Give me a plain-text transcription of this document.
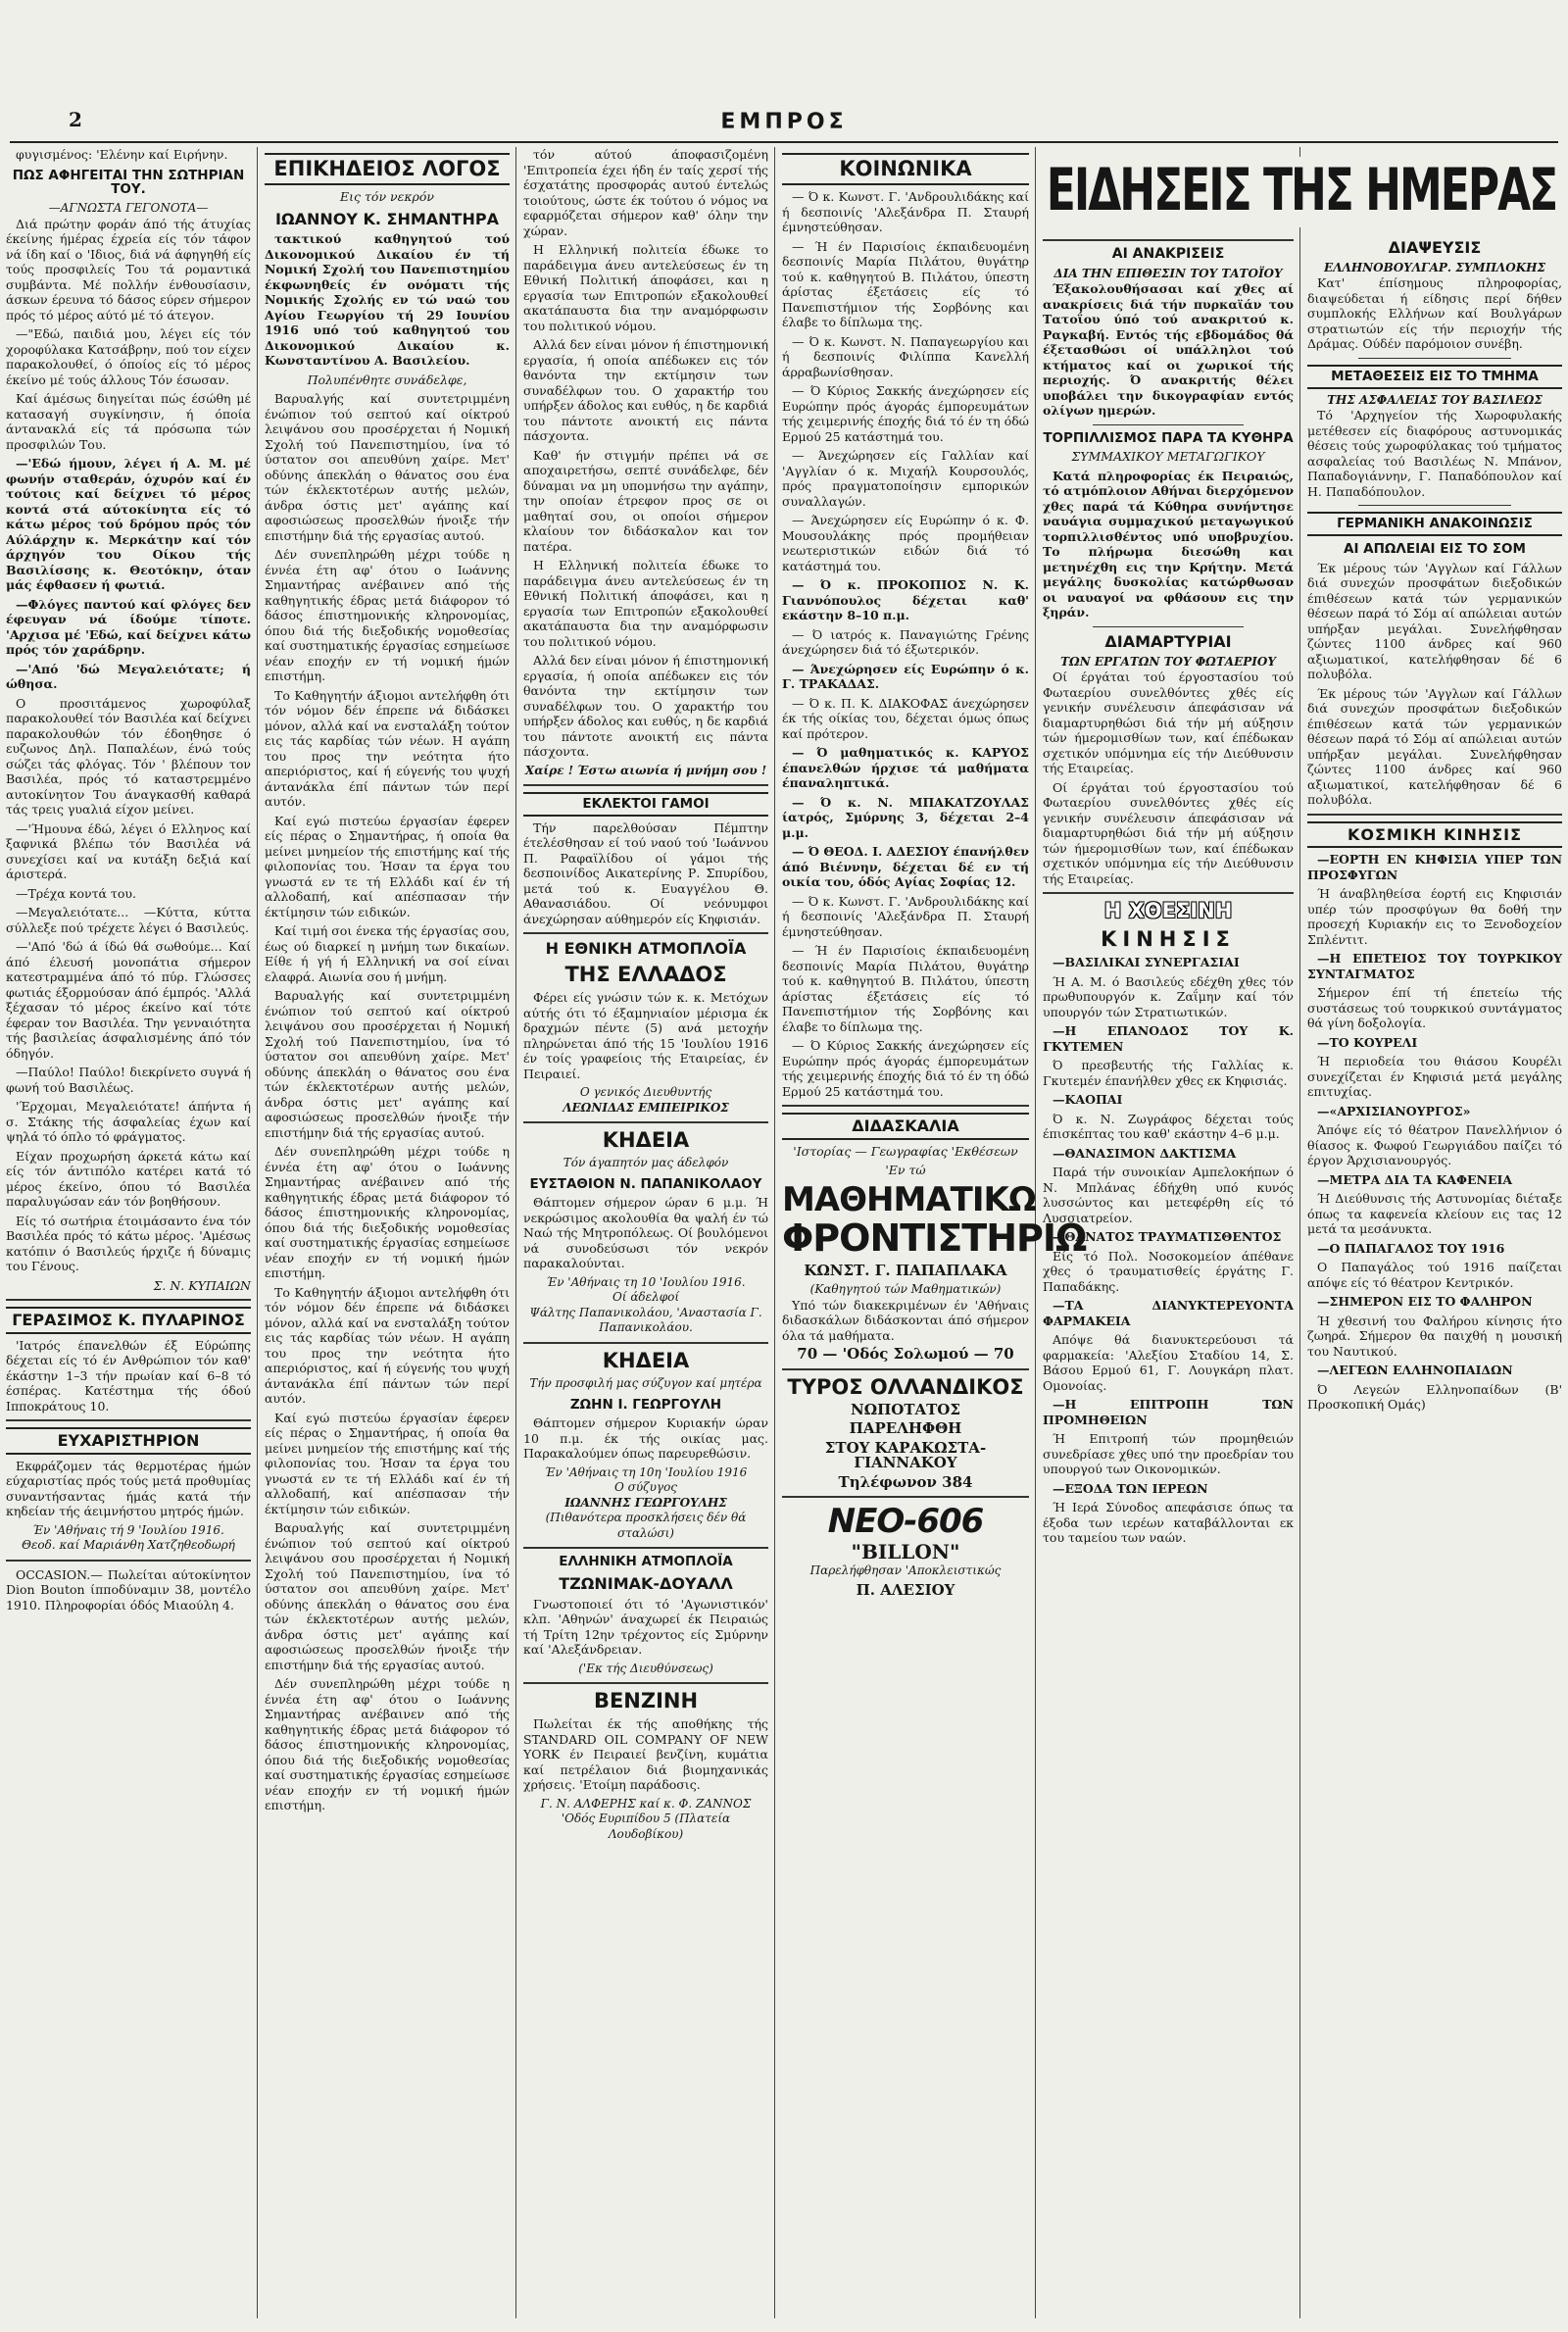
2	ΕΜΠΡΟΣ

φυγισμένος: 'Ελένην καί Ειρήνην.

ΠΩΣ ΑΦΗΓΕΙΤΑΙ ΤΗΝ ΣΩΤΗΡΙΑΝ ΤΟΥ.
—ΑΓΝΩΣΤΑ ΓΕΓΟΝΟΤΑ—

Διά πρώτην φοράν άπό τής άτυχίας έκείνης ήμέρας έχρεία είς τόν τάφον νά ίδη καί ο 'Ιδιος, διά νά άφηγηθή είς τούς προσφιλείς Του τά ρομαντικά συμβάντα. Μέ πολλήν ένθουσίασιν, άσκων έρευνα τό δάσος εύρεν σήμερον πρός τό μέρος αύτό μέ τό άτεγον.

—"Εδώ, παιδιά μου, λέγει είς τόν χοροφύλακα Κατσάβρην, πού τον είχεν παρακολουθεί, ό όποίος είς τό μέρος έκείνο μέ τούς άλλους Τόν έσωσαν.

Καί άμέσως διηγείται πώς έσώθη μέ κατασαγή συγκίνησιν, ή όποία άντανακλά είς τά πρόσωπα τών προσφιλών Του.

—'Εδώ ήμουν, λέγει ή Α. Μ. μέ φωνήν σταθεράν, όχυρόν καί έν τούτοις καί δείχνει τό μέρος κοντά στά αύτοκίνητα είς τό κάτω μέρος τού δρόμου πρός τόν Αύλάρχην κ. Μερκάτην καί τόν άρχηγόν του Οίκου τής Βασιλίσσης κ. Θεοτόκην, όταν μάς έφθασεν ή φωτιά.

—Φλόγες παντού καί φλόγες δεν έφευγαν νά ίδούμε τίποτε. 'Αρχισα μέ 'Εδώ, καί δείχνει κάτω πρός τόν χαράδρην.

—'Από 'δώ Μεγαλειότατε; ή ώθησα.

Ο προσιτάμενος χωροφύλαξ παρακολουθεί τόν Βασιλέα καί δείχνει παρακολουθών τόν έδοηθησε ό ευζωνος Δηλ. Παπαλέων, ένώ τούς σώζει τάς φλόγας. Τόν ' βλέπουν τον Βασιλέα, πρός τό καταστρεμμένο αυτοκίνητον Του άναγκασθή καθαρά τάς τρεις γυαλιά είχον μείνει.

—'Ήμουνα έδώ, λέγει ό Ελληνος καί ξαφνικά βλέπω τόν Βασιλέα νά συνεχίσει καί να κυτάξη δεξιά καί άριστερά.

—Τρέχα κοντά του.

—Μεγαλειότατε... —Κύττα, κύττα σύλλεξε πού τρέχετε λέγει ό Βασιλεύς.

—'Από 'δώ ά ίδώ θά σωθούμε... Καί άπό έλευσή μονοπάτια σήμερον κατεστραμμένα άπό τό πύρ. Γλώσσες φωτιάς έξορμούσαν άπό έμπρός. 'Αλλά ξέχασαν τό μέρος έκείνο καί τότε έφεραν τον Βασιλέα. Την γενναιότητα τής βασιλείας άσφαλισμένης άπό τόν όδηγόν.

—Παύλο! Παύλο! διεκρίνετο συγνά ή φωνή τού Βασιλέως.

'Έρχομαι, Μεγαλειότατε! άπήντα ή σ. Στάκης τής άσφαλείας έχων καί ψηλά τό όπλο τό φράγματος.

Είχαν προχωρήση άρκετά κάτω καί είς τόν άντιπόλο κατέρει κατά τό μέρος έκείνο, όπου τό Βασιλέα παραλυγώσαν εάν τόν βοηθήσουν.

Είς τό σωτήρια έτοιμάσαντο ένα τόν Βασιλέα πρός τό κάτω μέρος. 'Αμέσως κατόπιν ό Βασιλεύς ήρχιζε ή δύναμις του Γένους.

Σ. Ν. ΚΥΠΑΙΩΝ
ΓΕΡΑΣΙΜΟΣ Κ. ΠΥΛΑΡΙΝΟΣ

'Ιατρός έπανελθών έξ Εύρώπης δέχεται είς τό έν Ανθρώπιον τόν καθ' έκάστην 1–3 τήν πρωίαν καί 6–8 τό έσπέρας. Κατέστημα τής όδού Ιπποκράτους 10.

ΕΥΧΑΡΙΣΤΗΡΙΟΝ

Εκφράζομεν τάς θερμοτέρας ήμών εύχαριστίας πρός τούς μετά προθυμίας συναντήσαντας ήμάς κατά τήν κηδείαν τής άειμνήστου μητρός ήμών.

Έν 'Αθήναις τή 9 'Ιουλίου 1916.
Θεοδ. καί Μαριάνθη Χατζηθεοδωρή

OCCASION.— Πωλείται αύτοκίνητον Dion Bouton ίπποδύναμιν 38, μοντέλο 1910. Πληροφορίαι όδός Μιαούλη 4.

ΕΠΙΚΗΔΕΙΟΣ ΛΟΓΟΣ
Εις τόν νεκρόν
ΙΩΑΝΝΟΥ Κ. ΣΗΜΑΝΤΗΡΑ

τακτικού καθηγητού τού Δικονομικού Δικαίου έν τή Νομική Σχολή του Πανεπιστημίου έκφωνηθείς έν ονόματι τής Νομικής Σχολής εν τώ ναώ του Αγίου Γεωργίου τή 29 Ιουνίου 1916 υπό τού καθηγητού του Δικονομικού Δικαίου κ. Κωνσταντίνου Α. Βασιλείου.

Πολυπένθητε συνάδελφε,

Βαρυαλγής καί συντετριμμένη ένώπιον τού σεπτού καί οίκτρού λειψάνου σου προσέρχεται ή Νομική Σχολή τού Πανεπιστημίου, ίνα τό ύστατον σοι απευθύνη χαίρε. Μετ' οδύνης άπεκλάη ο θάνατος σου ένα τών έκλεκτοτέρων αυτής μελών, άνδρα όστις μετ' αγάπης καί αφοσιώσεως προσελθών ήνοιξε τήν επιστήμην διά τής εργασίας αυτού.

Δέν συνεπληρώθη μέχρι τούδε η έννέα έτη αφ' ότου ο Ιωάννης Σημαντήρας ανέβαινεν από τής καθηγητικής έδρας μετά διάφορον τό δάσος έπιστημονικής κληρονομίας, όπου διά τής διεξοδικής νομοθεσίας καί συστηματικής έργασίας εσημείωσε νέαν εποχήν εν τή νομική ήμών επιστήμη.

Το Καθηγητήν άξιομοι αντελήφθη ότι τόν νόμον δέν έπρεπε νά διδάσκει μόνον, αλλά καί να ενσταλάξη τούτον εις τάς καρδίας τών νέων. Η αγάπη του προς την νεότητα ήτο απεριόριστος, καί ή εύγενής του ψυχή άντανάκλα έπί πάντων τών περί αυτόν.

Καί εγώ πιστεύω έργασίαν έφερεν είς πέρας ο Σημαντήρας, ή οποία θα μείνει μνημείον τής επιστήμης καί τής φιλοπονίας του. Ήσαν τα έργα του γνωστά εν τε τή Ελλάδι καί έν τή αλλοδαπή, καί απέσπασαν τήν έκτίμησιν τών ειδικών.

Καί τιμή σοι ένεκα τής έργασίας σου, έως ού διαρκεί η μνήμη των δικαίων. Είθε ή γή ή Ελληνική να σοί είναι ελαφρά. Αιωνία σου ή μνήμη.

Βαρυαλγής καί συντετριμμένη ένώπιον τού σεπτού καί οίκτρού λειψάνου σου προσέρχεται ή Νομική Σχολή τού Πανεπιστημίου, ίνα τό ύστατον σοι απευθύνη χαίρε. Μετ' οδύνης άπεκλάη ο θάνατος σου ένα τών έκλεκτοτέρων αυτής μελών, άνδρα όστις μετ' αγάπης καί αφοσιώσεως προσελθών ήνοιξε τήν επιστήμην διά τής εργασίας αυτού.

Δέν συνεπληρώθη μέχρι τούδε η έννέα έτη αφ' ότου ο Ιωάννης Σημαντήρας ανέβαινεν από τής καθηγητικής έδρας μετά διάφορον τό δάσος έπιστημονικής κληρονομίας, όπου διά τής διεξοδικής νομοθεσίας καί συστηματικής έργασίας εσημείωσε νέαν εποχήν εν τή νομική ήμών επιστήμη.

Το Καθηγητήν άξιομοι αντελήφθη ότι τόν νόμον δέν έπρεπε νά διδάσκει μόνον, αλλά καί να ενσταλάξη τούτον εις τάς καρδίας τών νέων. Η αγάπη του προς την νεότητα ήτο απεριόριστος, καί ή εύγενής του ψυχή άντανάκλα έπί πάντων τών περί αυτόν.

Καί εγώ πιστεύω έργασίαν έφερεν είς πέρας ο Σημαντήρας, ή οποία θα μείνει μνημείον τής επιστήμης καί τής φιλοπονίας του. Ήσαν τα έργα του γνωστά εν τε τή Ελλάδι καί έν τή αλλοδαπή, καί απέσπασαν τήν έκτίμησιν τών ειδικών.

Βαρυαλγής καί συντετριμμένη ένώπιον τού σεπτού καί οίκτρού λειψάνου σου προσέρχεται ή Νομική Σχολή τού Πανεπιστημίου, ίνα τό ύστατον σοι απευθύνη χαίρε. Μετ' οδύνης άπεκλάη ο θάνατος σου ένα τών έκλεκτοτέρων αυτής μελών, άνδρα όστις μετ' αγάπης καί αφοσιώσεως προσελθών ήνοιξε τήν επιστήμην διά τής εργασίας αυτού.

Δέν συνεπληρώθη μέχρι τούδε η έννέα έτη αφ' ότου ο Ιωάννης Σημαντήρας ανέβαινεν από τής καθηγητικής έδρας μετά διάφορον τό δάσος έπιστημονικής κληρονομίας, όπου διά τής διεξοδικής νομοθεσίας καί συστηματικής έργασίας εσημείωσε νέαν εποχήν εν τή νομική ήμών επιστήμη.

τόν αύτού άποφασιζομένη 'Επιτροπεία έχει ήδη έν ταίς χερσί τής έσχατάτης προσφοράς αυτού έντελώς τοιούτους, ώστε έκ τούτου ό νόμος να εφαρμόζεται σήμερον καθ' όλην την χώραν.

Η Ελληνική πολιτεία έδωκε το παράδειγμα άνευ αντελεύσεως έν τη Εθνική Πολιτική άποφάσει, και η εργασία των Επιτροπών εξακολουθεί ακατάπαυστα δια την αναμόρφωσιν του πολιτικού νόμου.

Αλλά δεν είναι μόνον ή έπιστημονική εργασία, ή οποία απέδωκεν εις τόν θανόντα την εκτίμησιν των συναδέλφων του. Ο χαρακτήρ του υπήρξεν άδολος και ευθύς, η δε καρδιά του πάντοτε ανοικτή εις πάντα πάσχοντα.

Καθ' ήν στιγμήν πρέπει νά σε αποχαιρετήσω, σεπτέ συνάδελφε, δέν δύναμαι να μη υπομνήσω την αγάπην, την οποίαν έτρεφον προς σε οι μαθηταί σου, οι οποίοι σήμερον κλαίουν τον διδάσκαλον και τον πατέρα.

Η Ελληνική πολιτεία έδωκε το παράδειγμα άνευ αντελεύσεως έν τη Εθνική Πολιτική άποφάσει, και η εργασία των Επιτροπών εξακολουθεί ακατάπαυστα δια την αναμόρφωσιν του πολιτικού νόμου.

Αλλά δεν είναι μόνον ή έπιστημονική εργασία, ή οποία απέδωκεν εις τόν θανόντα την εκτίμησιν των συναδέλφων του. Ο χαρακτήρ του υπήρξεν άδολος και ευθύς, η δε καρδιά του πάντοτε ανοικτή εις πάντα πάσχοντα.

Χαίρε ! Έστω αιωνία ή μνήμη σου !
ΕΚΛΕΚΤΟΙ ΓΑΜΟΙ

Τήν παρελθούσαν Πέμπτην έτελέσθησαν εί τού ναού τού 'Ιωάννου Π. Ραφαϊλίδου οί γάμοι τής δεσποινίδος Αικατερίνης Ρ. Σπυρίδου, μετά τού κ. Ευαγγέλου Θ. Αθανασιάδου. Οί νεόνυμφοι άνεχώρησαν αύθημερόν είς Κηφισιάν.

Η ΕΘΝΙΚΗ ΑΤΜΟΠΛΟΪΑ
ΤΗΣ ΕΛΛΑΔΟΣ

Φέρει είς γνώσιν τών κ. κ. Μετόχων αύτής ότι τό έξαμηνιαίον μέρισμα έκ δραχμών πέντε (5) ανά μετοχήν πληρώνεται άπό τής 15 'Ιουλίου 1916 έν τοίς γραφείοις τής Εταιρείας, έν Πειραιεί.

Ο γενικός Διευθυντής
ΛΕΩΝΙΔΑΣ ΕΜΠΕΙΡΙΚΟΣ
ΚΗΔΕΙΑ
Τόν άγαπητόν μας άδελφόν
ΕΥΣΤΑΘΙΟΝ Ν. ΠΑΠΑΝΙΚΟΛΑΟΥ

Θάπτομεν σήμερον ώραν 6 μ.μ. Ή νεκρώσιμος ακολουθία θα ψαλή έν τώ Ναώ τής Μητροπόλεως. Οί βουλόμενοι νά συνοδεύσωσι τόν νεκρόν παρακαλούνται.

Έν 'Αθήναις τη 10 'Ιουλίου 1916.
Οί άδελφοί
Ψάλτης Παπανικολάου, 'Αναστασία Γ. Παπανικολάου.
ΚΗΔΕΙΑ
Τήν προσφιλή μας σύζυγον καί μητέρα
ΖΩΗΝ Ι. ΓΕΩΡΓΟΥΛΗ

Θάπτομεν σήμερον Κυριακήν ώραν 10 π.μ. έκ τής οικίας μας. Παρακαλούμεν όπως παρευρεθώσιν.

Έν 'Αθήναις τη 10η 'Ιουλίου 1916
Ο σύζυγος
ΙΩΑΝΝΗΣ ΓΕΩΡΓΟΥΛΗΣ
(Πιθανότερα προσκλήσεις δέν θά σταλώσι)
ΕΛΛΗΝΙΚΗ ΑΤΜΟΠΛΟΪΑ
ΤΖΩΝΙΜΑΚ-ΔΟΥΑΛΛ

Γνωστοποιεί ότι τό 'Αγωνιστικόν' κλπ. 'Αθηνών' άναχωρεί έκ Πειραιώς τή Τρίτη 12ην τρέχοντος είς Σμύρνην καί 'Αλεξάνδρειαν.

('Εκ τής Διευθύνσεως)
ΒΕΝΖΙΝΗ

Πωλείται έκ τής αποθήκης τής STANDARD OIL COMPANY OF NEW YORK έν Πειραιεί βενζίνη, κυμάτια καί πετρέλαιον διά βιομηχανικάς χρήσεις. 'Ετοίμη παράδοσις.

Γ. Ν. ΑΛΦΕΡΗΣ καί κ. Φ. ΖΑΝΝΟΣ
'Οδός Ευριπίδου 5 (Πλατεία Λουδοβίκου)
ΚΟΙΝΩΝΙΚΑ

— Ό κ. Κωνστ. Γ. 'Ανδρουλιδάκης καί ή δεσποινίς 'Αλεξάνδρα Π. Σταυρή έμνηστεύθησαν.

— Ή έν Παρισίοις έκπαιδευομένη δεσποινίς Μαρία Πιλάτου, θυγάτηρ τού κ. καθηγητού Β. Πιλάτου, ύπεστη άρίστας έξετάσεις είς τό Πανεπιστήμιον τής Σορβόνης και έλαβε το δίπλωμα της.

— Ό κ. Κωνστ. Ν. Παπαγεωργίου και ή δεσποινίς Φιλίππα Κανελλή άρραβωνίσθησαν.

— Ό Κύριος Σακκής άνεχώρησεν είς Ευρώπην πρός άγοράς έμπορευμάτων τής χειμερινής έποχής διά τό έν τη όδώ Ερμού 25 κατάστημά του.

— Άνεχώρησεν είς Γαλλίαν καί 'Αγγλίαν ό κ. Μιχαήλ Κουρσουλός, πρός πραγματοποίησιν εμπορικών συναλλαγών.

— Άνεχώρησεν είς Ευρώπην ό κ. Φ. Μουσουλάκης πρός προμήθειαν νεωτεριστικών ειδών διά τό κατάστημά του.

— Ό κ. ΠΡΟΚΟΠΙΟΣ Ν. Κ. Γιαννόπουλος δέχεται καθ' εκάστην 8–10 π.μ.

— Ό ιατρός κ. Παναγιώτης Γρένης άνεχώρησεν διά τό έξωτερικόν.

— Άνεχώρησεν είς Ευρώπην ό κ. Γ. ΤΡΑΚΑΔΑΣ.

— Ό κ. Π. Κ. ΔΙΑΚΟΦΑΣ άνεχώρησεν έκ τής οίκίας του, δέχεται όμως όπως καί πρότερον.

— Ό μαθηματικός κ. ΚΑΡΥΟΣ έπανελθών ήρχισε τά μαθήματα έπαναληπτικά.

— Ό κ. Ν. ΜΠΑΚΑΤΖΟΥΛΑΣ ίατρός, Σμύρνης 3, δέχεται 2–4 μ.μ.

— Ό ΘΕΟΔ. Ι. ΑΔΕΣΙΟΥ έπανήλθεν άπό Βιέννην, δέχεται δέ εν τή οικία του, όδός Αγίας Σοφίας 12.

— Ό κ. Κωνστ. Γ. 'Ανδρουλιδάκης καί ή δεσποινίς 'Αλεξάνδρα Π. Σταυρή έμνηστεύθησαν.

— Ή έν Παρισίοις έκπαιδευομένη δεσποινίς Μαρία Πιλάτου, θυγάτηρ τού κ. καθηγητού Β. Πιλάτου, ύπεστη άρίστας έξετάσεις είς τό Πανεπιστήμιον τής Σορβόνης και έλαβε το δίπλωμα της.

— Ό Κύριος Σακκής άνεχώρησεν είς Ευρώπην πρός άγοράς έμπορευμάτων τής χειμερινής έποχής διά τό έν τη όδώ Ερμού 25 κατάστημά του.

ΔΙΔΑΣΚΑΛΙΑ
'Ιστορίας — Γεωγραφίας 'Εκθέσεων
'Εν τώ
ΜΑΘΗΜΑΤΙΚΩ
ΦΡΟΝΤΙΣΤΗΡΙΩ
ΚΩΝΣΤ. Γ. ΠΑΠΑΠΛΑΚΑ
(Καθηγητού τών Μαθηματικών)

Υπό τών διακεκριμένων έν 'Αθήναις διδασκάλων διδάσκονται άπό σήμερον όλα τά μαθήματα.

70 — 'Οδός Σολωμού — 70
ΤΥΡΟΣ ΟΛΛΑΝΔΙΚΟΣ
ΝΩΠΟΤΑΤΟΣ
ΠΑΡΕΛΗΦΘΗ
ΣΤΟΥ ΚΑΡΑΚΩΣΤΑ-ΓΙΑΝΝΑΚΟΥ
Τηλέφωνον 384
ΝΕΟ-606
"BILLON"
Παρελήφθησαν 'Αποκλειστικώς
Π. ΑΛΕΣΙΟΥ
ΑΙ ΑΝΑΚΡΙΣΕΙΣ
ΔΙΑ ΤΗΝ ΕΠΙΘΕΣΙΝ ΤΟΥ ΤΑΤΟΪΟΥ

Έξακολουθήσασαι καί χθες αί ανακρίσεις διά τήν πυρκαϊάν του Τατοΐου ύπό τού ανακριτού κ. Ραγκαβή. Εντός τής εβδομάδος θά έξετασθώσι οί υπάλληλοι τού κτήματος καί οι χωρικοί τής περιοχής. Ό ανακριτής θέλει υποβάλει την δικογραφίαν εντός ολίγων ημερών.

ΤΟΡΠΙΛΛΙΣΜΟΣ ΠΑΡΑ ΤΑ ΚΥΘΗΡΑ
ΣΥΜΜΑΧΙΚΟΥ ΜΕΤΑΓΩΓΙΚΟΥ

Κατά πληροφορίας έκ Πειραιώς, τό ατμόπλοιον Αθήναι διερχόμενον χθες παρά τά Κύθηρα συνήντησε ναυάγια συμμαχικού μεταγωγικού τορπιλλισθέντος υπό υποβρυχίου. Το πλήρωμα διεσώθη και μετηνέχθη εις την Κρήτην. Μετά μεγάλης δυσκολίας κατώρθωσαν οι ναυαγοί να φθάσουν εις την ξηράν.

ΔΙΑΜΑΡΤΥΡΙΑΙ
ΤΩΝ ΕΡΓΑΤΩΝ ΤΟΥ ΦΩΤΑΕΡΙΟΥ

Οί έργάται τού έργοστασίου τού Φωταερίου συνελθόντες χθές είς γενικήν συνέλευσιν άπεφάσισαν νά διαμαρτυρηθώσι διά τήν μή αύξησιν τών ήμερομισθίων των, καί έπέδωκαν σχετικόν υπόμνημα είς τήν Διεύθυνσιν τής Εταιρείας.

Οί έργάται τού έργοστασίου τού Φωταερίου συνελθόντες χθές είς γενικήν συνέλευσιν άπεφάσισαν νά διαμαρτυρηθώσι διά τήν μή αύξησιν τών ήμερομισθίων των, καί έπέδωκαν σχετικόν υπόμνημα είς τήν Διεύθυνσιν τής Εταιρείας.

Η ΧΘΕΣΙΝΗ
ΚΙΝΗΣΙΣ

—ΒΑΣΙΛΙΚΑΙ ΣΥΝΕΡΓΑΣΙΑΙ

Ή Α. Μ. ό Βασιλεύς εδέχθη χθες τόν πρωθυπουργόν κ. Ζαΐμην καί τόν υπουργόν τών Στρατιωτικών.

—Η ΕΠΑΝΟΔΟΣ ΤΟΥ Κ. ΓΚΥΤΕΜΕΝ

Ό πρεσβευτής τής Γαλλίας κ. Γκυτεμέν έπανήλθεν χθες εκ Κηφισιάς.

—ΚΑΟΠΑΙ

Ό κ. Ν. Ζωγράφος δέχεται τούς έπισκέπτας του καθ' εκάστην 4–6 μ.μ.

—ΘΑΝΑΣΙΜΟΝ ΔΑΚΤΙΣΜΑ

Παρά τήν συνοικίαν Αμπελοκήπων ό Ν. Μπλάνας έδήχθη υπό κυνός λυσσώντος και μετεφέρθη είς τό Λυσσιατρείον.

—ΘΑΝΑΤΟΣ ΤΡΑΥΜΑΤΙΣΘΕΝΤΟΣ

Είς τό Πολ. Νοσοκομείον άπέθανε χθες ό τραυματισθείς έργάτης Γ. Παπαδάκης.

—ΤΑ ΔΙΑΝΥΚΤΕΡΕΥΟΝΤΑ ΦΑΡΜΑΚΕΙΑ

Απόψε θά διανυκτερεύουσι τά φαρμακεία: 'Αλεξίου Σταδίου 14, Σ. Βάσου Ερμού 61, Γ. Λουγκάρη πλατ. Ομονοίας.

—Η ΕΠΙΤΡΟΠΗ ΤΩΝ ΠΡΟΜΗΘΕΙΩΝ

Ή Επιτροπή τών προμηθειών συνεδρίασε χθες υπό την προεδρίαν του υπουργού των Οικονομικών.

—ΕΞΟΔΑ ΤΩΝ ΙΕΡΕΩΝ

Ή Ιερά Σύνοδος απεφάσισε όπως τα έξοδα των ιερέων καταβάλλονται εκ του ταμείου των ναών.

ΔΙΑΨΕΥΣΙΣ
ΕΛΛΗΝΟΒΟΥΛΓΑΡ. ΣΥΜΠΛΟΚΗΣ

Κατ' έπίσημους πληροφορίας, διαψεύδεται ή είδησις περί δήθεν συμπλοκής Ελλήνων καί Βουλγάρων στρατιωτών είς τήν περιοχήν τής Δράμας. Ούδέν παρόμοιον συνέβη.

ΜΕΤΑΘΕΣΕΙΣ ΕΙΣ ΤΟ ΤΜΗΜΑ
ΤΗΣ ΑΣΦΑΛΕΙΑΣ ΤΟΥ ΒΑΣΙΛΕΩΣ

Τό 'Αρχηγείον τής Χωροφυλακής μετέθεσεν είς διαφόρους αστυνομικάς θέσεις τούς χωροφύλακας τού τμήματος ασφαλείας τού Βασιλέως Ν. Μπάνον, Παπαδογιάννην, Γ. Παπαδόπουλον καί Η. Παπαδόπουλον.

ΓΕΡΜΑΝΙΚΗ ΑΝΑΚΟΙΝΩΣΙΣ
ΑΙ ΑΠΩΛΕΙΑΙ ΕΙΣ ΤΟ ΣΟΜ

Έκ μέρους τών 'Αγγλων καί Γάλλων διά συνεχών προσφάτων διεξοδικών έπιθέσεων κατά τών γερμανικών θέσεων παρά τό Σόμ αί απώλειαι αυτών υπήρξαν μεγάλαι. Συνελήφθησαν ζώντες 1100 άνδρες καί 960 αξιωματικοί, κατελήφθησαν δέ 6 πολυβόλα.

Έκ μέρους τών 'Αγγλων καί Γάλλων διά συνεχών προσφάτων διεξοδικών έπιθέσεων κατά τών γερμανικών θέσεων παρά τό Σόμ αί απώλειαι αυτών υπήρξαν μεγάλαι. Συνελήφθησαν ζώντες 1100 άνδρες καί 960 αξιωματικοί, κατελήφθησαν δέ 6 πολυβόλα.

ΚΟΣΜΙΚΗ ΚΙΝΗΣΙΣ

—ΕΟΡΤΗ ΕΝ ΚΗΦΙΣΙΑ ΥΠΕΡ ΤΩΝ ΠΡΟΣΦΥΓΩΝ

Ή άναβληθείσα έορτή εις Κηφισιάν υπέρ τών προσφύγων θα δοθή την προσεχή Κυριακήν εις το Ξενοδοχείον Σπλέντιτ.

—Η ΕΠΕΤΕΙΟΣ ΤΟΥ ΤΟΥΡΚΙΚΟΥ ΣΥΝΤΑΓΜΑΤΟΣ

Σήμερον έπί τή έπετείω τής συστάσεως τού τουρκικού συντάγματος θά γίνη δοξολογία.

—ΤΟ ΚΟΥΡΕΛΙ

Ή περιοδεία του θιάσου Κουρέλι συνεχίζεται έν Κηφισιά μετά μεγάλης επιτυχίας.

—«ΑΡΧΙΣΙΑΝΟΥΡΓΟΣ»

Άπόψε είς τό θέατρον Πανελλήνιον ό θίασος κ. Φωφού Γεωργιάδου παίζει τό έργον Άρχισιανουργός.

—ΜΕΤΡΑ ΔΙΑ ΤΑ ΚΑΦΕΝΕΙΑ

Ή Διεύθυνσις τής Αστυνομίας διέταξε όπως τα καφενεία κλείουν εις τας 12 μετά τα μεσάνυκτα.

—Ο ΠΑΠΑΓΑΛΟΣ ΤΟΥ 1916

Ο Παπαγάλος τού 1916 παίζεται απόψε είς τό θέατρον Κεντρικόν.

—ΣΗΜΕΡΟΝ ΕΙΣ ΤΟ ΦΑΛΗΡΟΝ

Ή χθεσινή του Φαλήρου κίνησις ήτο ζωηρά. Σήμερον θα παιχθή η μουσική του Ναυτικού.

—ΛΕΓΕΩΝ ΕΛΛΗΝΟΠΑΙΔΩΝ

Ό Λεγεών Ελληνοπαίδων (Β' Προσκοπική Ομάς)

ΕΙΔΗΣΕΙΣ ΤΗΣ ΗΜΕΡΑΣ
